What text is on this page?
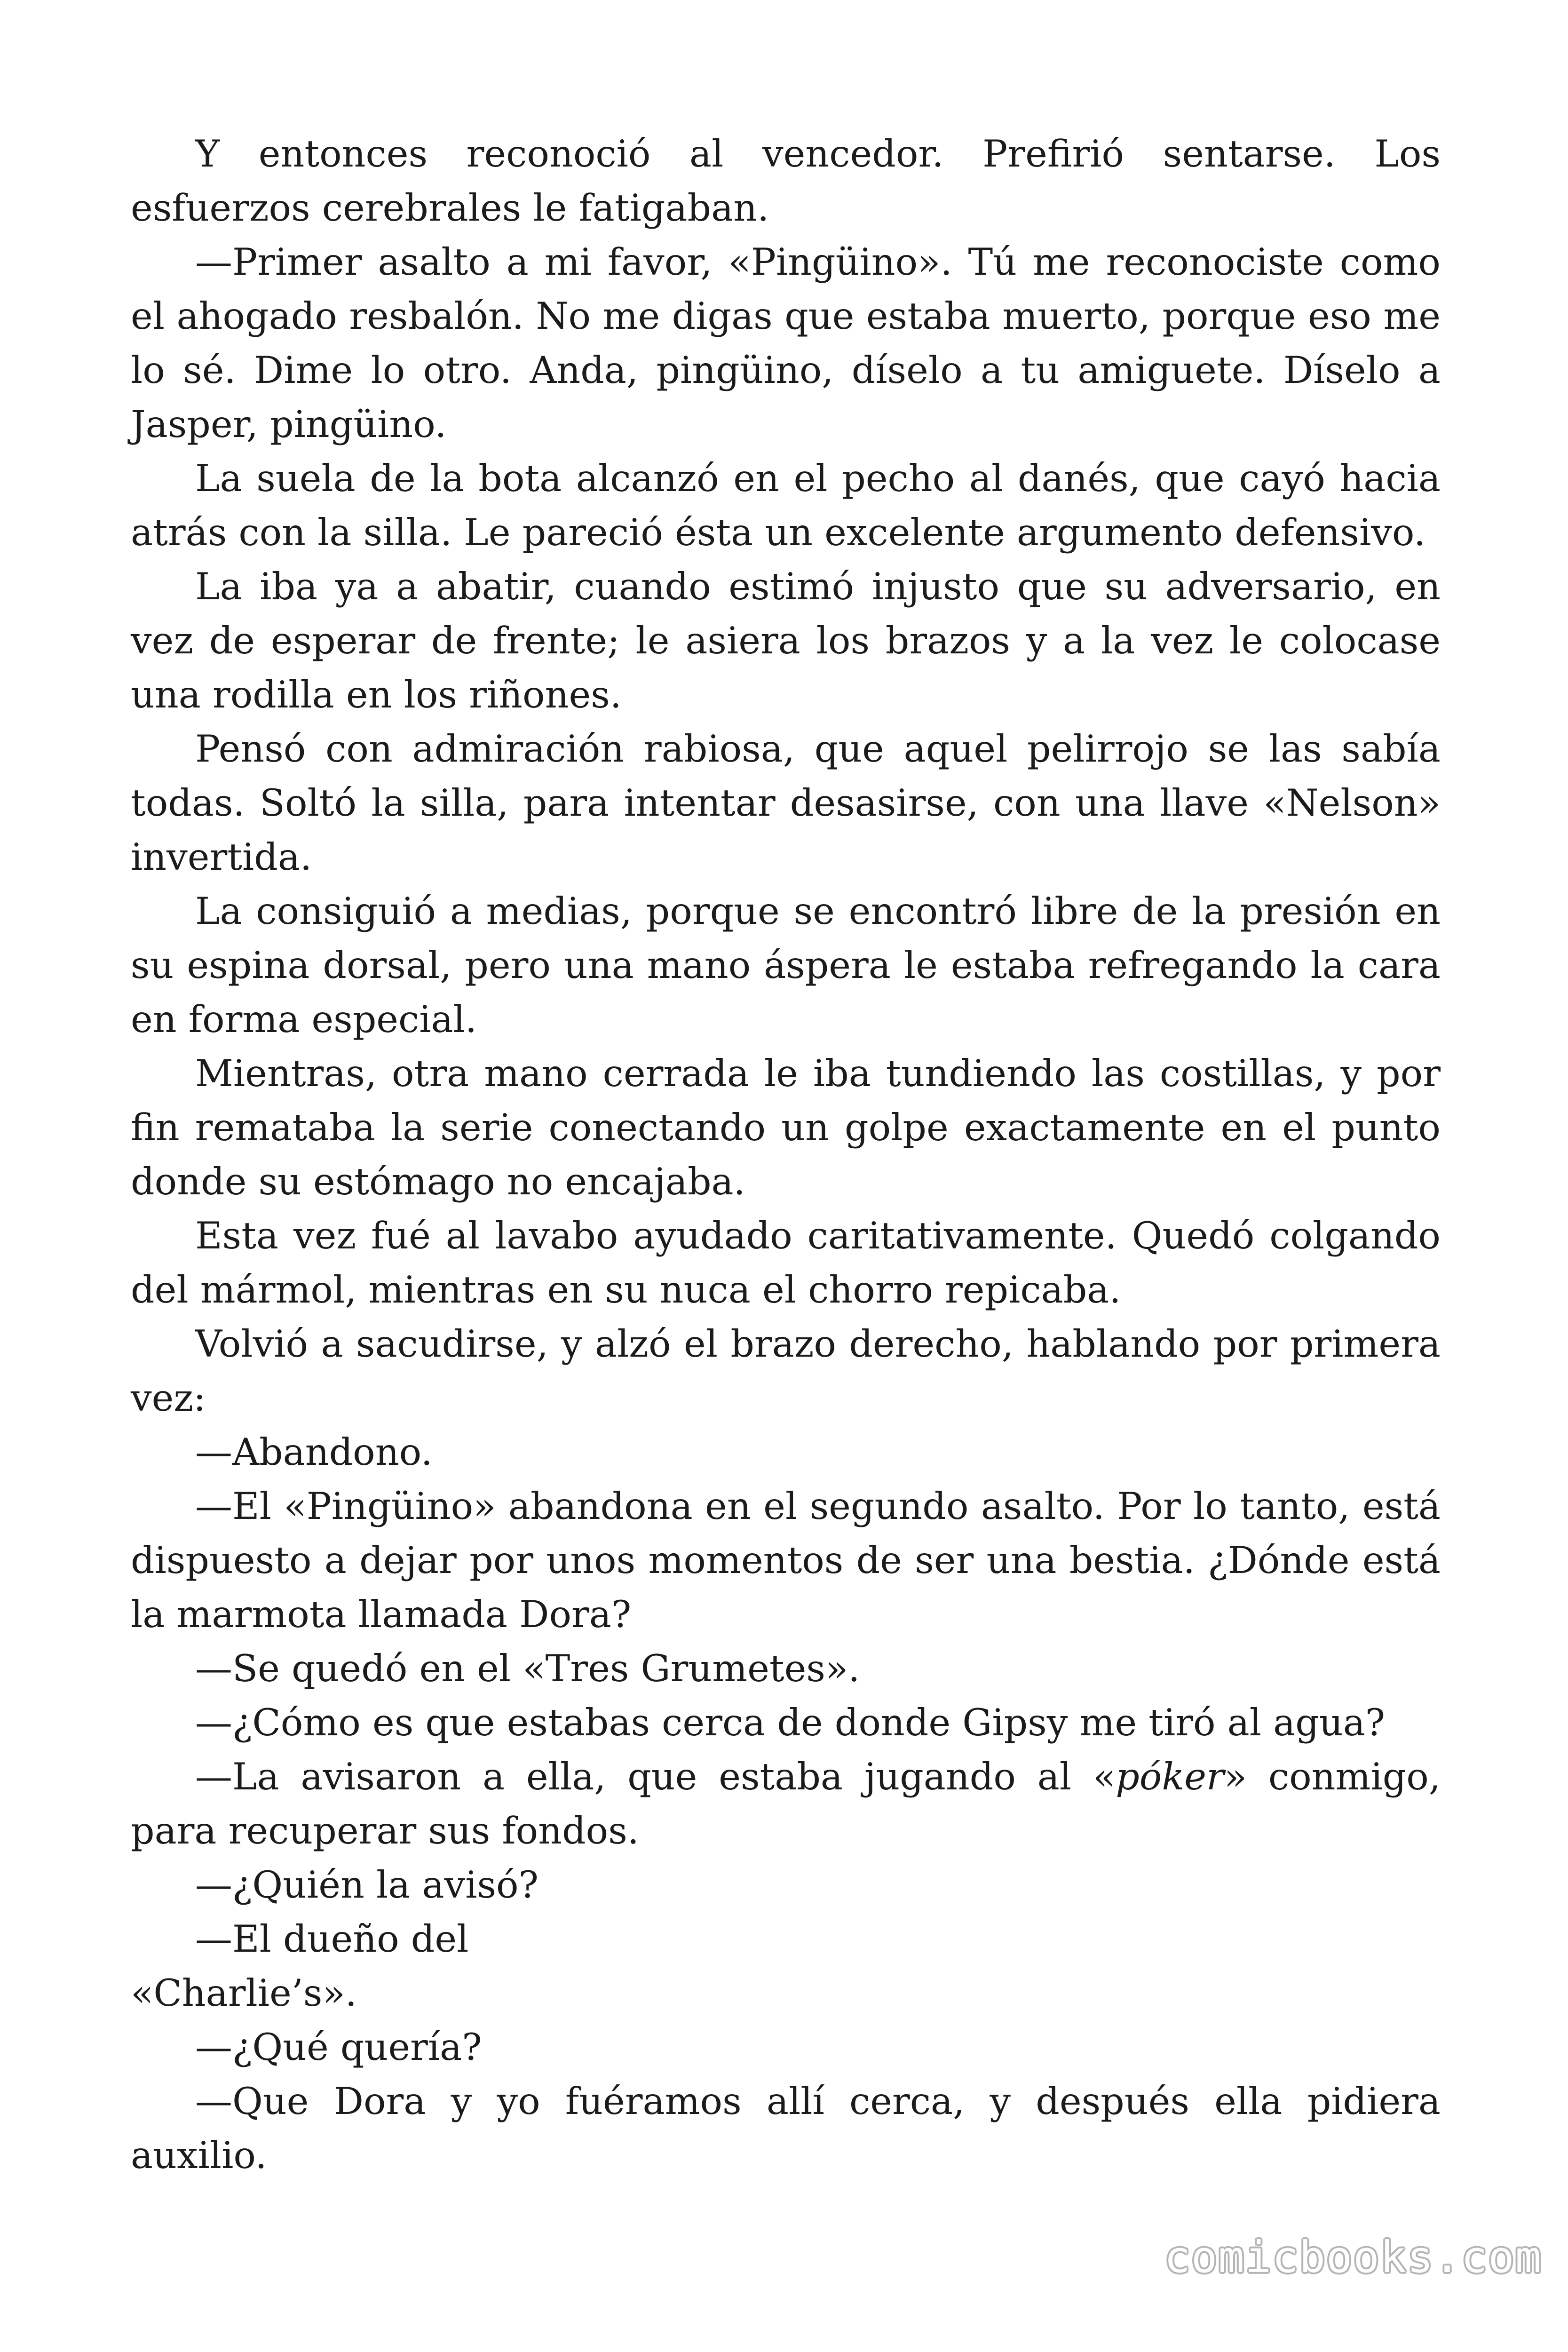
Y entonces reconoció al vencedor. Prefirió sentarse. Los esfuerzos cerebrales le fatigaban.

—Primer asalto a mi favor, «Pingüino». Tú me reconociste como el ahogado resbalón. No me digas que estaba muerto, porque eso me lo sé. Dime lo otro. Anda, pingüino, díselo a tu amiguete. Díselo a Jasper, pingüino.

La suela de la bota alcanzó en el pecho al danés, que cayó hacia atrás con la silla. Le pareció ésta un excelente argumento defensivo.

La iba ya a abatir, cuando estimó injusto que su adversario, en vez de esperar de frente; le asiera los brazos y a la vez le colocase una rodilla en los riñones.

Pensó con admiración rabiosa, que aquel pelirrojo se las sabía todas. Soltó la silla, para intentar desasirse, con una llave «Nelson» invertida.

La consiguió a medias, porque se encontró libre de la presión en su espina dorsal, pero una mano áspera le estaba refregando la cara en forma especial.

Mientras, otra mano cerrada le iba tundiendo las costillas, y por fin remataba la serie conectando un golpe exactamente en el punto donde su estómago no encajaba.

Esta vez fué al lavabo ayudado caritativamente. Quedó colgando del mármol, mientras en su nuca el chorro repicaba.

Volvió a sacudirse, y alzó el brazo derecho, hablando por primera vez:

—Abandono.

—El «Pingüino» abandona en el segundo asalto. Por lo tanto, está dispuesto a dejar por unos momentos de ser una bestia. ¿Dónde está la marmota llamada Dora?

—Se quedó en el «Tres Grumetes».

—¿Cómo es que estabas cerca de donde Gipsy me tiró al agua?

—La avisaron a ella, que estaba jugando al «póker» conmigo, para recuperar sus fondos.

—¿Quién la avisó?

—El dueño del

«Charlie’s».

—¿Qué quería?

—Que Dora y yo fuéramos allí cerca, y después ella pidiera auxilio.

comicbooks.com
